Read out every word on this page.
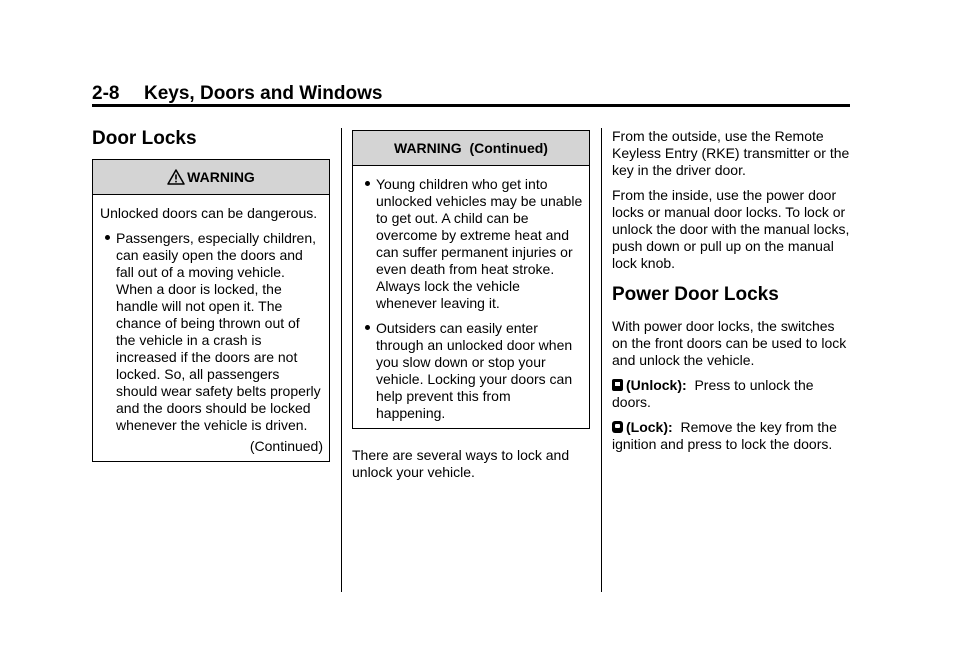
2-8 Keys, Doors and Windows
Door Locks
WARNING

Unlocked doors can be dangerous.

Passengers, especially children, can easily open the doors and fall out of a moving vehicle. When a door is locked, the handle will not open it. The chance of being thrown out of the vehicle in a crash is increased if the doors are not locked. So, all passengers should wear safety belts properly and the doors should be locked whenever the vehicle is driven.
(Continued)
WARNING  (Continued)
Young children who get into unlocked vehicles may be unable to get out. A child can be overcome by extreme heat and can suffer permanent injuries or even death from heat stroke. Always lock the vehicle whenever leaving it.
Outsiders can easily enter through an unlocked door when you slow down or stop your vehicle. Locking your doors can help prevent this from happening.

There are several ways to lock and unlock your vehicle.

From the outside, use the Remote Keyless Entry (RKE) transmitter or the key in the driver door.

From the inside, use the power door locks or manual door locks. To lock or unlock the door with the manual locks, push down or pull up on the manual lock knob.

Power Door Locks

With power door locks, the switches on the front doors can be used to lock and unlock the vehicle.

(Unlock): Press to unlock the doors.

(Lock): Remove the key from the ignition and press to lock the doors.
